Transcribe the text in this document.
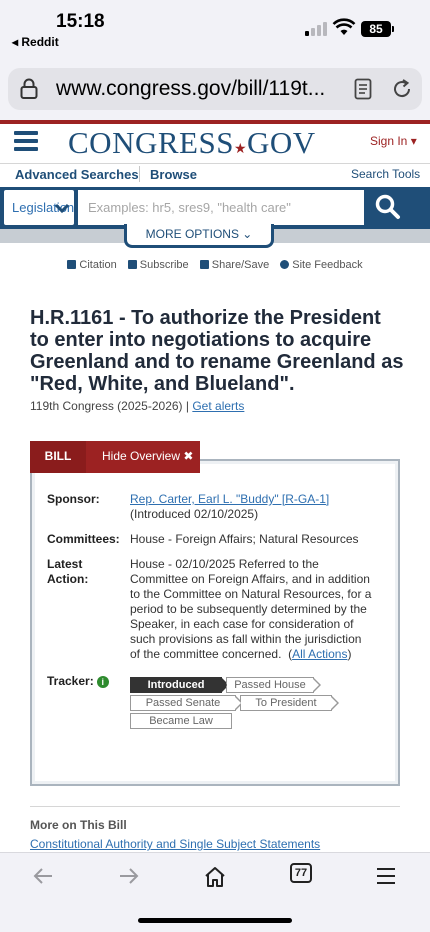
15:18
◂ Reddit
85
www.congress.gov/bill/119t...
CONGRESS★GOV	Sign In ▾
Advanced Searches Browse	Search Tools
Legislation
Examples: hr5, sres9, "health care"
MORE OPTIONS ⌄
Citation Subscribe Share/Save Site Feedback
H.R.1161 - To authorize the President to enter into negotiations to acquire Greenland and to rename Greenland as "Red, White, and Blueland".
119th Congress (2025-2026) | Get alerts
BILL	Hide Overview ✖
Sponsor:	Rep. Carter, Earl L. "Buddy" [R-GA-1]
(Introduced 02/10/2025)
Committees: House - Foreign Affairs; Natural Resources
Latest
Action:
House - 02/10/2025 Referred to the
Committee on Foreign Affairs, and in addition
to the Committee on Natural Resources, for a
period to be subsequently determined by the
Speaker, in each case for consideration of
such provisions as fall within the jurisdiction
of the committee concerned.  (All Actions)
Tracker: i	Introduced	Passed House
Passed Senate	To President
Became Law
More on This Bill
Constitutional Authority and Single Subject Statements
77
